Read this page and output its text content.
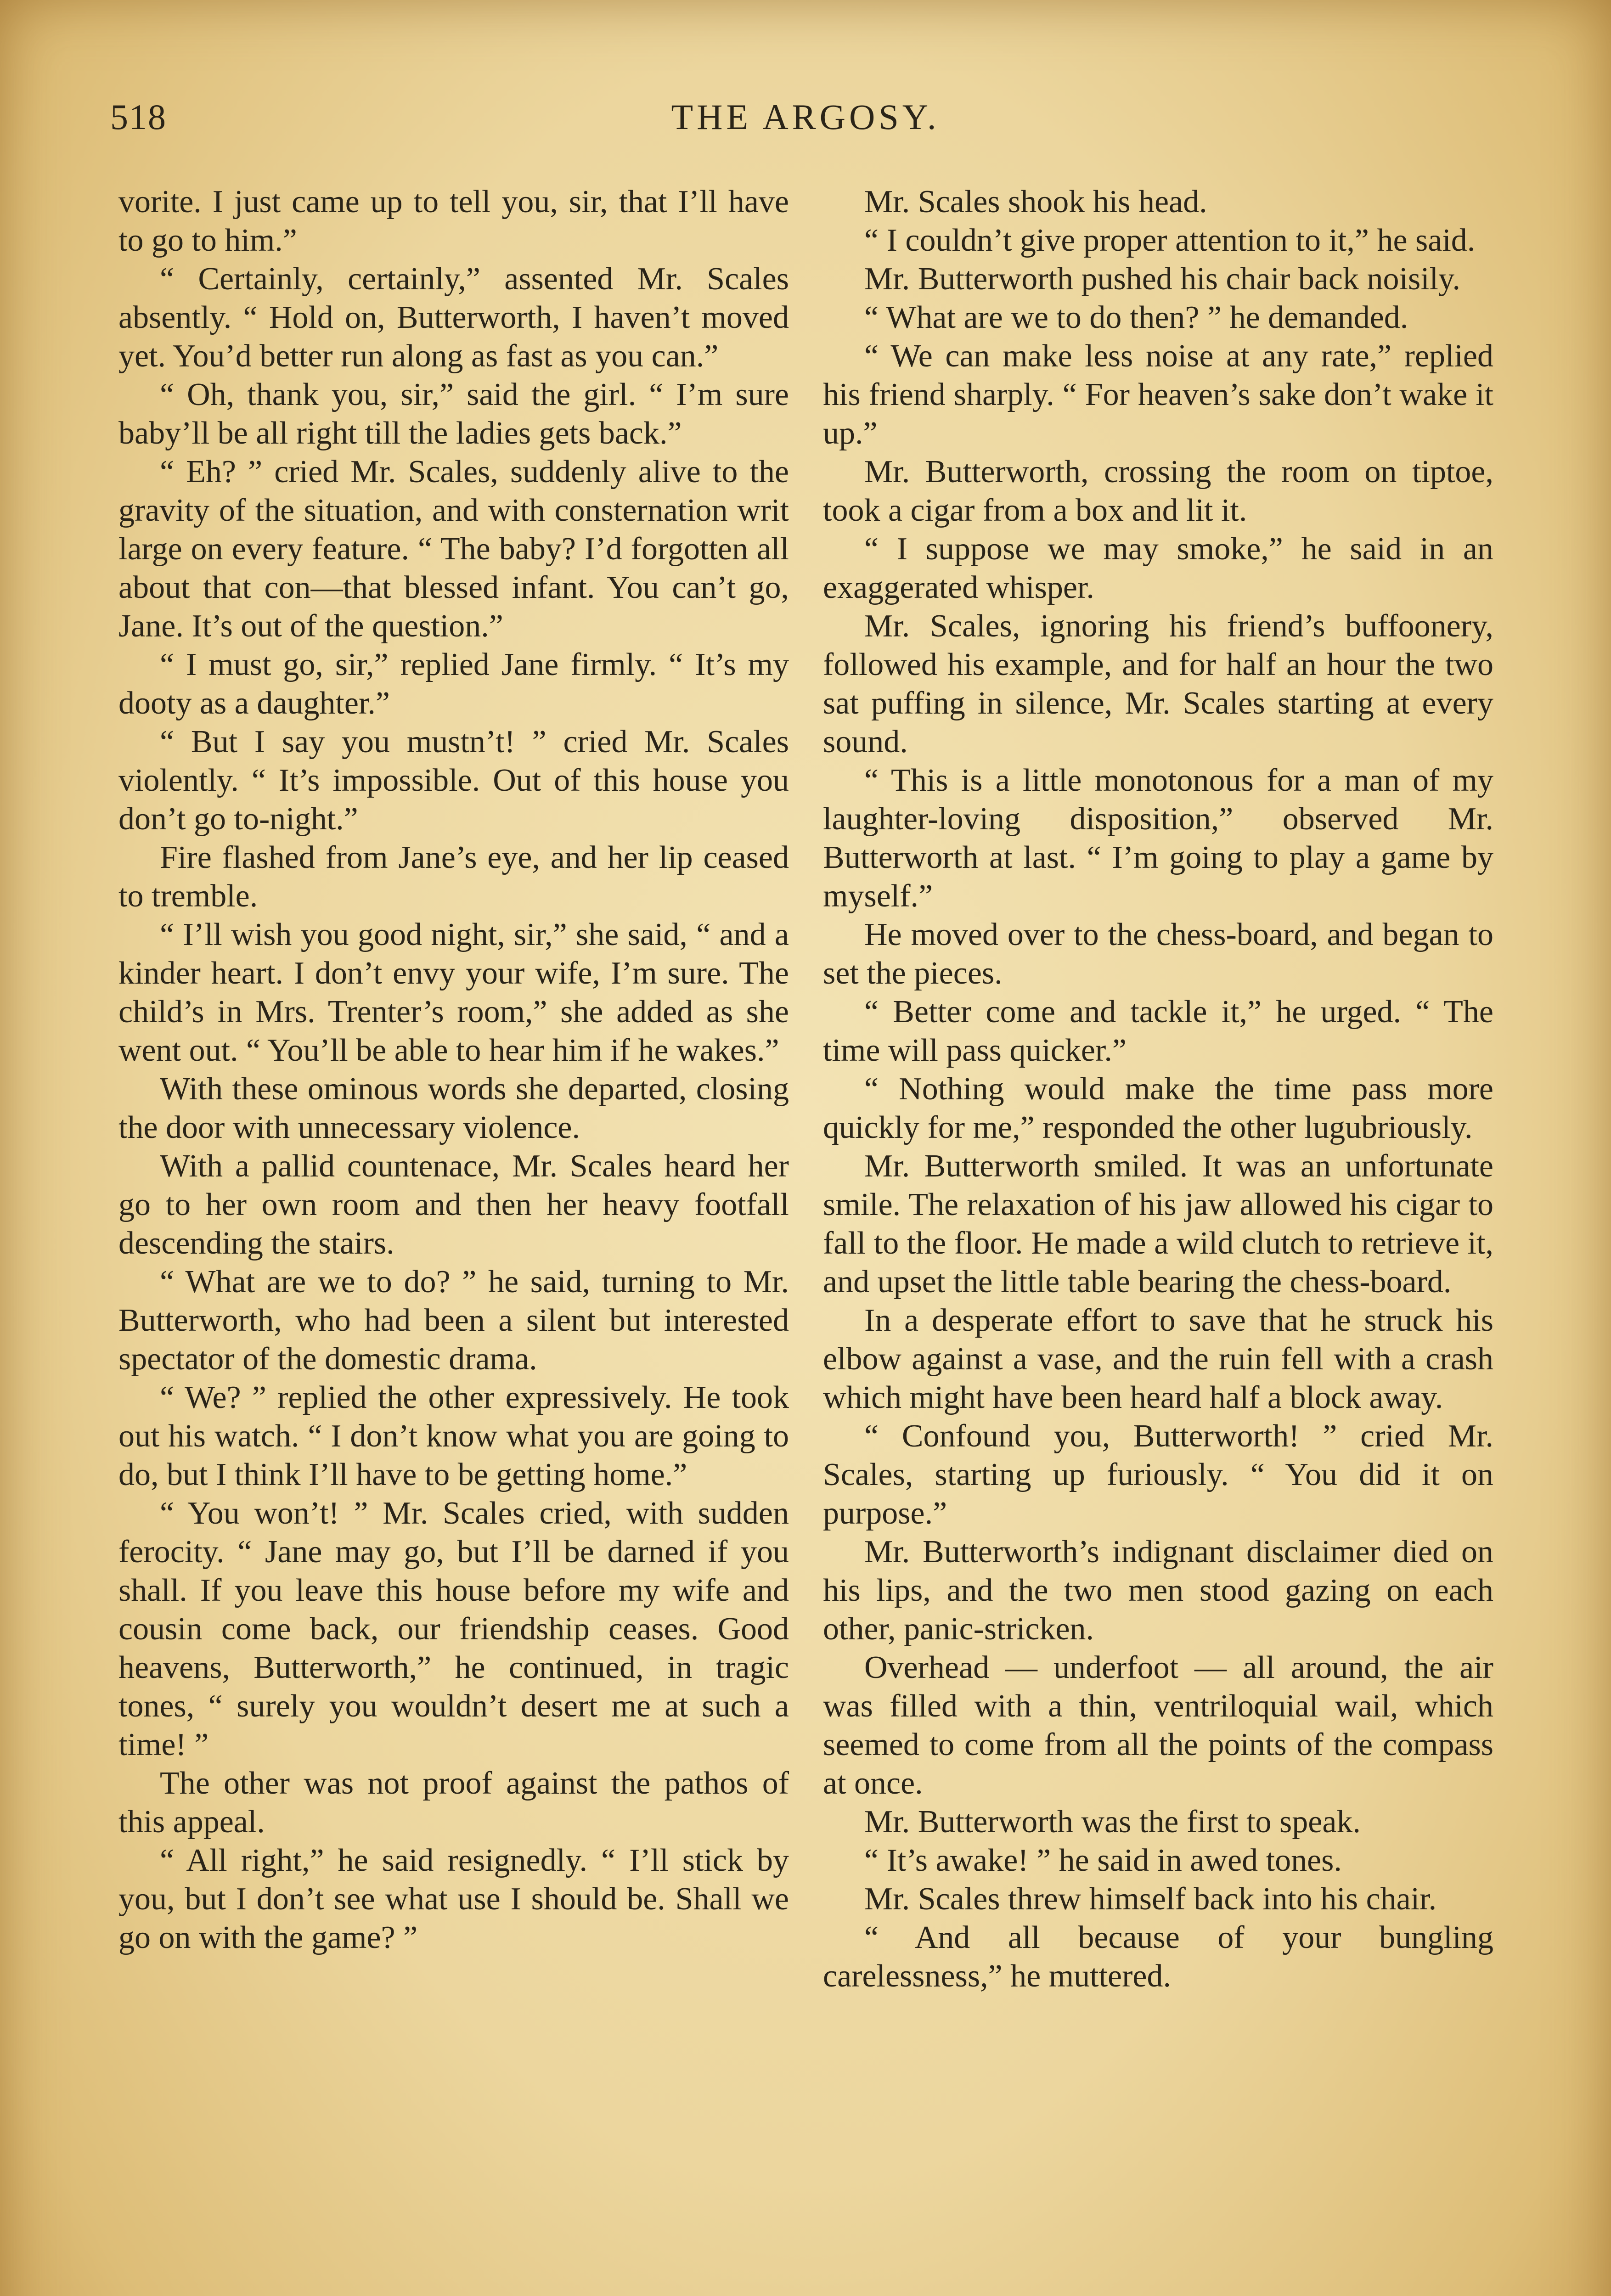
518	THE ARGOSY.

vorite. I just came up to tell you, sir, that I’ll have to go to him.”

“ Certainly, certainly,” assented Mr. Scales absently. “ Hold on, Butterworth, I haven’t moved yet. You’d better run along as fast as you can.”

“ Oh, thank you, sir,” said the girl. “ I’m sure baby’ll be all right till the ladies gets back.”

“ Eh? ” cried Mr. Scales, suddenly alive to the gravity of the situation, and with consternation writ large on every feature. “ The baby? I’d forgotten all about that con—that blessed infant. You can’t go, Jane. It’s out of the question.”

“ I must go, sir,” replied Jane firmly. “ It’s my dooty as a daughter.”

“ But I say you mustn’t! ” cried Mr. Scales violently. “ It’s impossible. Out of this house you don’t go to-night.”

Fire flashed from Jane’s eye, and her lip ceased to tremble.

“ I’ll wish you good night, sir,” she said, “ and a kinder heart. I don’t envy your wife, I’m sure. The child’s in Mrs. Trenter’s room,” she added as she went out. “ You’ll be able to hear him if he wakes.”

With these ominous words she departed, closing the door with unnecessary violence.

With a pallid countenace, Mr. Scales heard her go to her own room and then her heavy footfall descending the stairs.

“ What are we to do? ” he said, turning to Mr. Butterworth, who had been a silent but interested spectator of the domestic drama.

“ We? ” replied the other expressively. He took out his watch. “ I don’t know what you are going to do, but I think I’ll have to be getting home.”

“ You won’t! ” Mr. Scales cried, with sudden ferocity. “ Jane may go, but I’ll be darned if you shall. If you leave this house before my wife and cousin come back, our friendship ceases. Good heavens, Butterworth,” he continued, in tragic tones, “ surely you wouldn’t desert me at such a time! ”

The other was not proof against the pathos of this appeal.

“ All right,” he said resignedly. “ I’ll stick by you, but I don’t see what use I should be. Shall we go on with the game? ”

Mr. Scales shook his head.

“ I couldn’t give proper attention to it,” he said.

Mr. Butterworth pushed his chair back noisily.

“ What are we to do then? ” he demanded.

“ We can make less noise at any rate,” replied his friend sharply. “ For heaven’s sake don’t wake it up.”

Mr. Butterworth, crossing the room on tiptoe, took a cigar from a box and lit it.

“ I suppose we may smoke,” he said in an exaggerated whisper.

Mr. Scales, ignoring his friend’s buffoonery, followed his example, and for half an hour the two sat puffing in silence, Mr. Scales starting at every sound.

“ This is a little monotonous for a man of my laughter-loving disposition,” observed Mr. Butterworth at last. “ I’m going to play a game by myself.”

He moved over to the chess-board, and began to set the pieces.

“ Better come and tackle it,” he urged. “ The time will pass quicker.”

“ Nothing would make the time pass more quickly for me,” responded the other lugubriously.

Mr. Butterworth smiled. It was an unfortunate smile. The relaxation of his jaw allowed his cigar to fall to the floor. He made a wild clutch to retrieve it, and upset the little table bearing the chess-board.

In a desperate effort to save that he struck his elbow against a vase, and the ruin fell with a crash which might have been heard half a block away.

“ Confound you, Butterworth! ” cried Mr. Scales, starting up furiously. “ You did it on purpose.”

Mr. Butterworth’s indignant disclaimer died on his lips, and the two men stood gazing on each other, panic-stricken.

Overhead — underfoot — all around, the air was filled with a thin, ventriloquial wail, which seemed to come from all the points of the compass at once.

Mr. Butterworth was the first to speak.

“ It’s awake! ” he said in awed tones.

Mr. Scales threw himself back into his chair.

“ And all because of your bungling carelessness,” he muttered.
